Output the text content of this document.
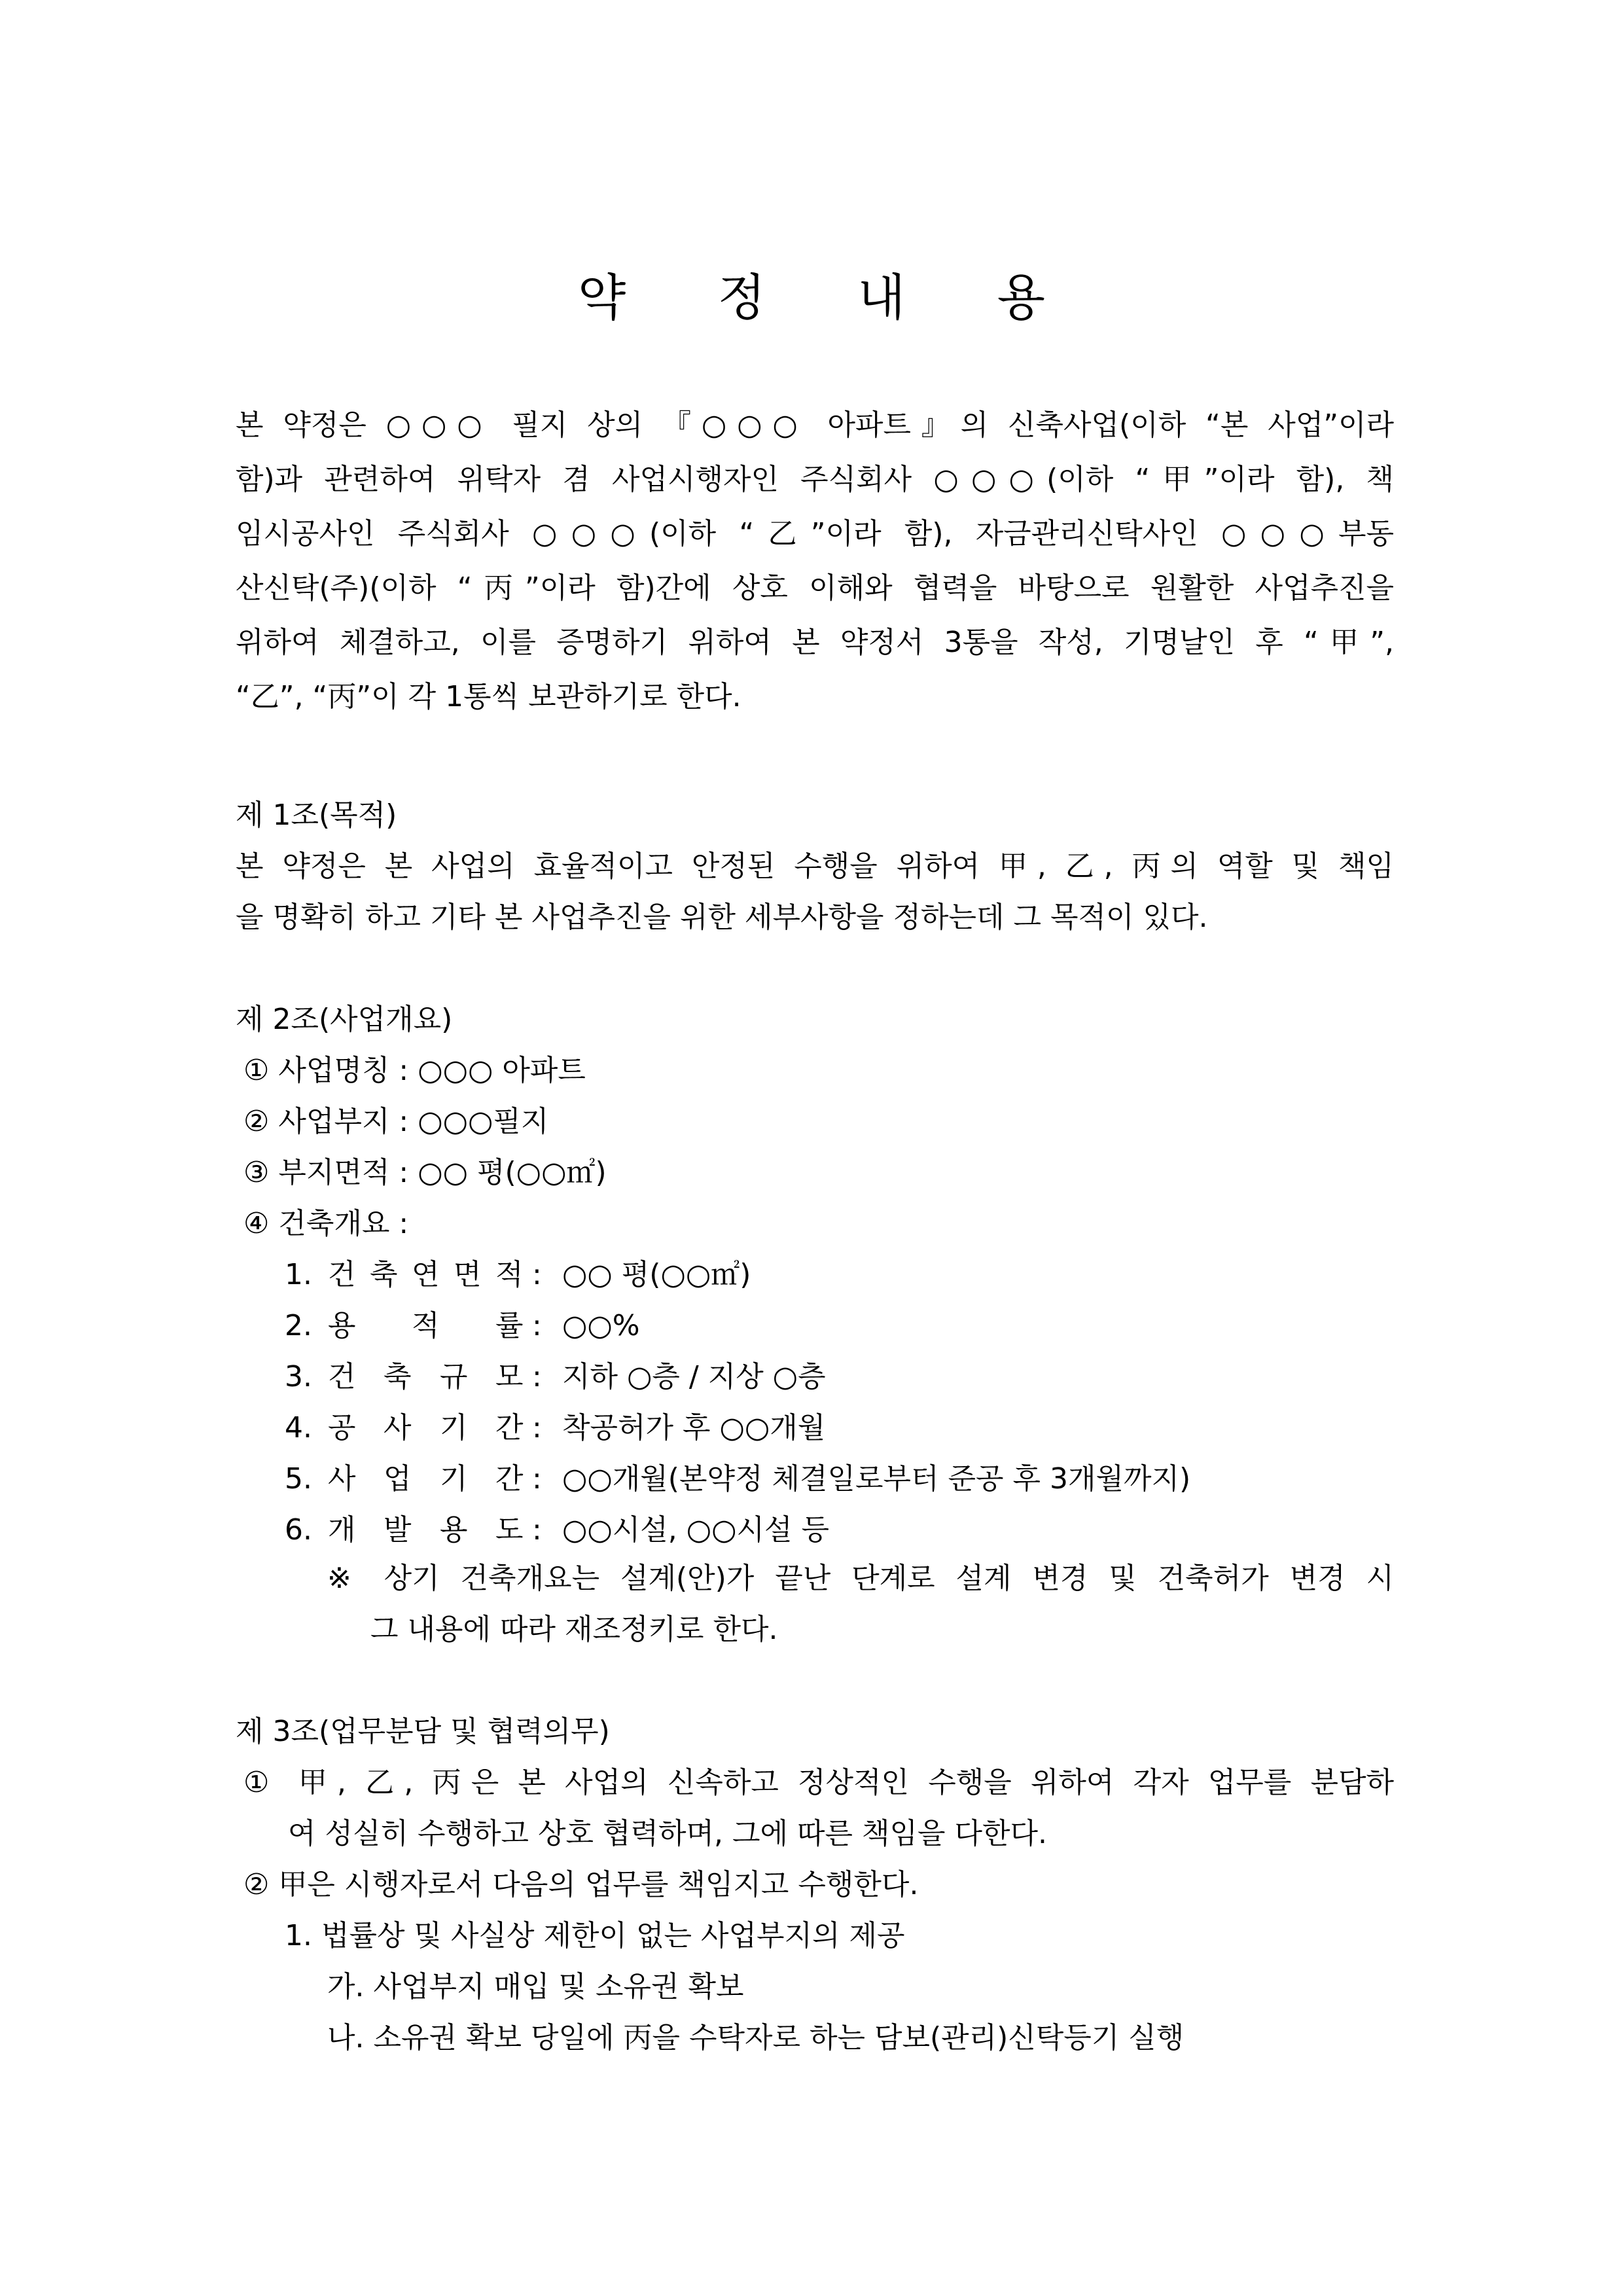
약 정 내 용
본 약정은 ○○○ 필지 상의 『○○○ 아파트』의 신축사업(이하 “본 사업”이라
함)과 관련하여 위탁자 겸 사업시행자인 주식회사 ○○○(이하 “甲”이라 함), 책
임시공사인 주식회사 ○○○(이하 “乙”이라 함), 자금관리신탁사인 ○○○부동
산신탁(주)(이하 “丙”이라 함)간에 상호 이해와 협력을 바탕으로 원활한 사업추진을
위하여 체결하고, 이를 증명하기 위하여 본 약정서 3통을 작성, 기명날인 후 “甲”,
“乙”, “丙”이 각 1통씩 보관하기로 한다.
제 1조(목적)
본 약정은 본 사업의 효율적이고 안정된 수행을 위하여 甲, 乙, 丙의 역할 및 책임
을 명확히 하고 기타 본 사업추진을 위한 세부사항을 정하는데 그 목적이 있다.
제 2조(사업개요)
① 사업명칭 : ○○○ 아파트
② 사업부지 : ○○○필지
③ 부지면적 : ○○ 평(○○㎡)
④ 건축개요 :
1. 건 축 연 면 적 : ○○ 평(○○㎡)
2. 용 적 률 : ○○%
3. 건 축 규 모 : 지하 ○층 / 지상 ○층
4. 공 사 기 간 : 착공허가 후 ○○개월
5. 사 업 기 간 : ○○개월(본약정 체결일로부터 준공 후 3개월까지)
6. 개 발 용 도 : ○○시설, ○○시설 등
※ 상기 건축개요는 설계(안)가 끝난 단계로 설계 변경 및 건축허가 변경 시
그 내용에 따라 재조정키로 한다.
제 3조(업무분담 및 협력의무)
① 甲, 乙, 丙은 본 사업의 신속하고 정상적인 수행을 위하여 각자 업무를 분담하
여 성실히 수행하고 상호 협력하며, 그에 따른 책임을 다한다.
② 甲은 시행자로서 다음의 업무를 책임지고 수행한다.
1. 법률상 및 사실상 제한이 없는 사업부지의 제공
가. 사업부지 매입 및 소유권 확보
나. 소유권 확보 당일에 丙을 수탁자로 하는 담보(관리)신탁등기 실행
